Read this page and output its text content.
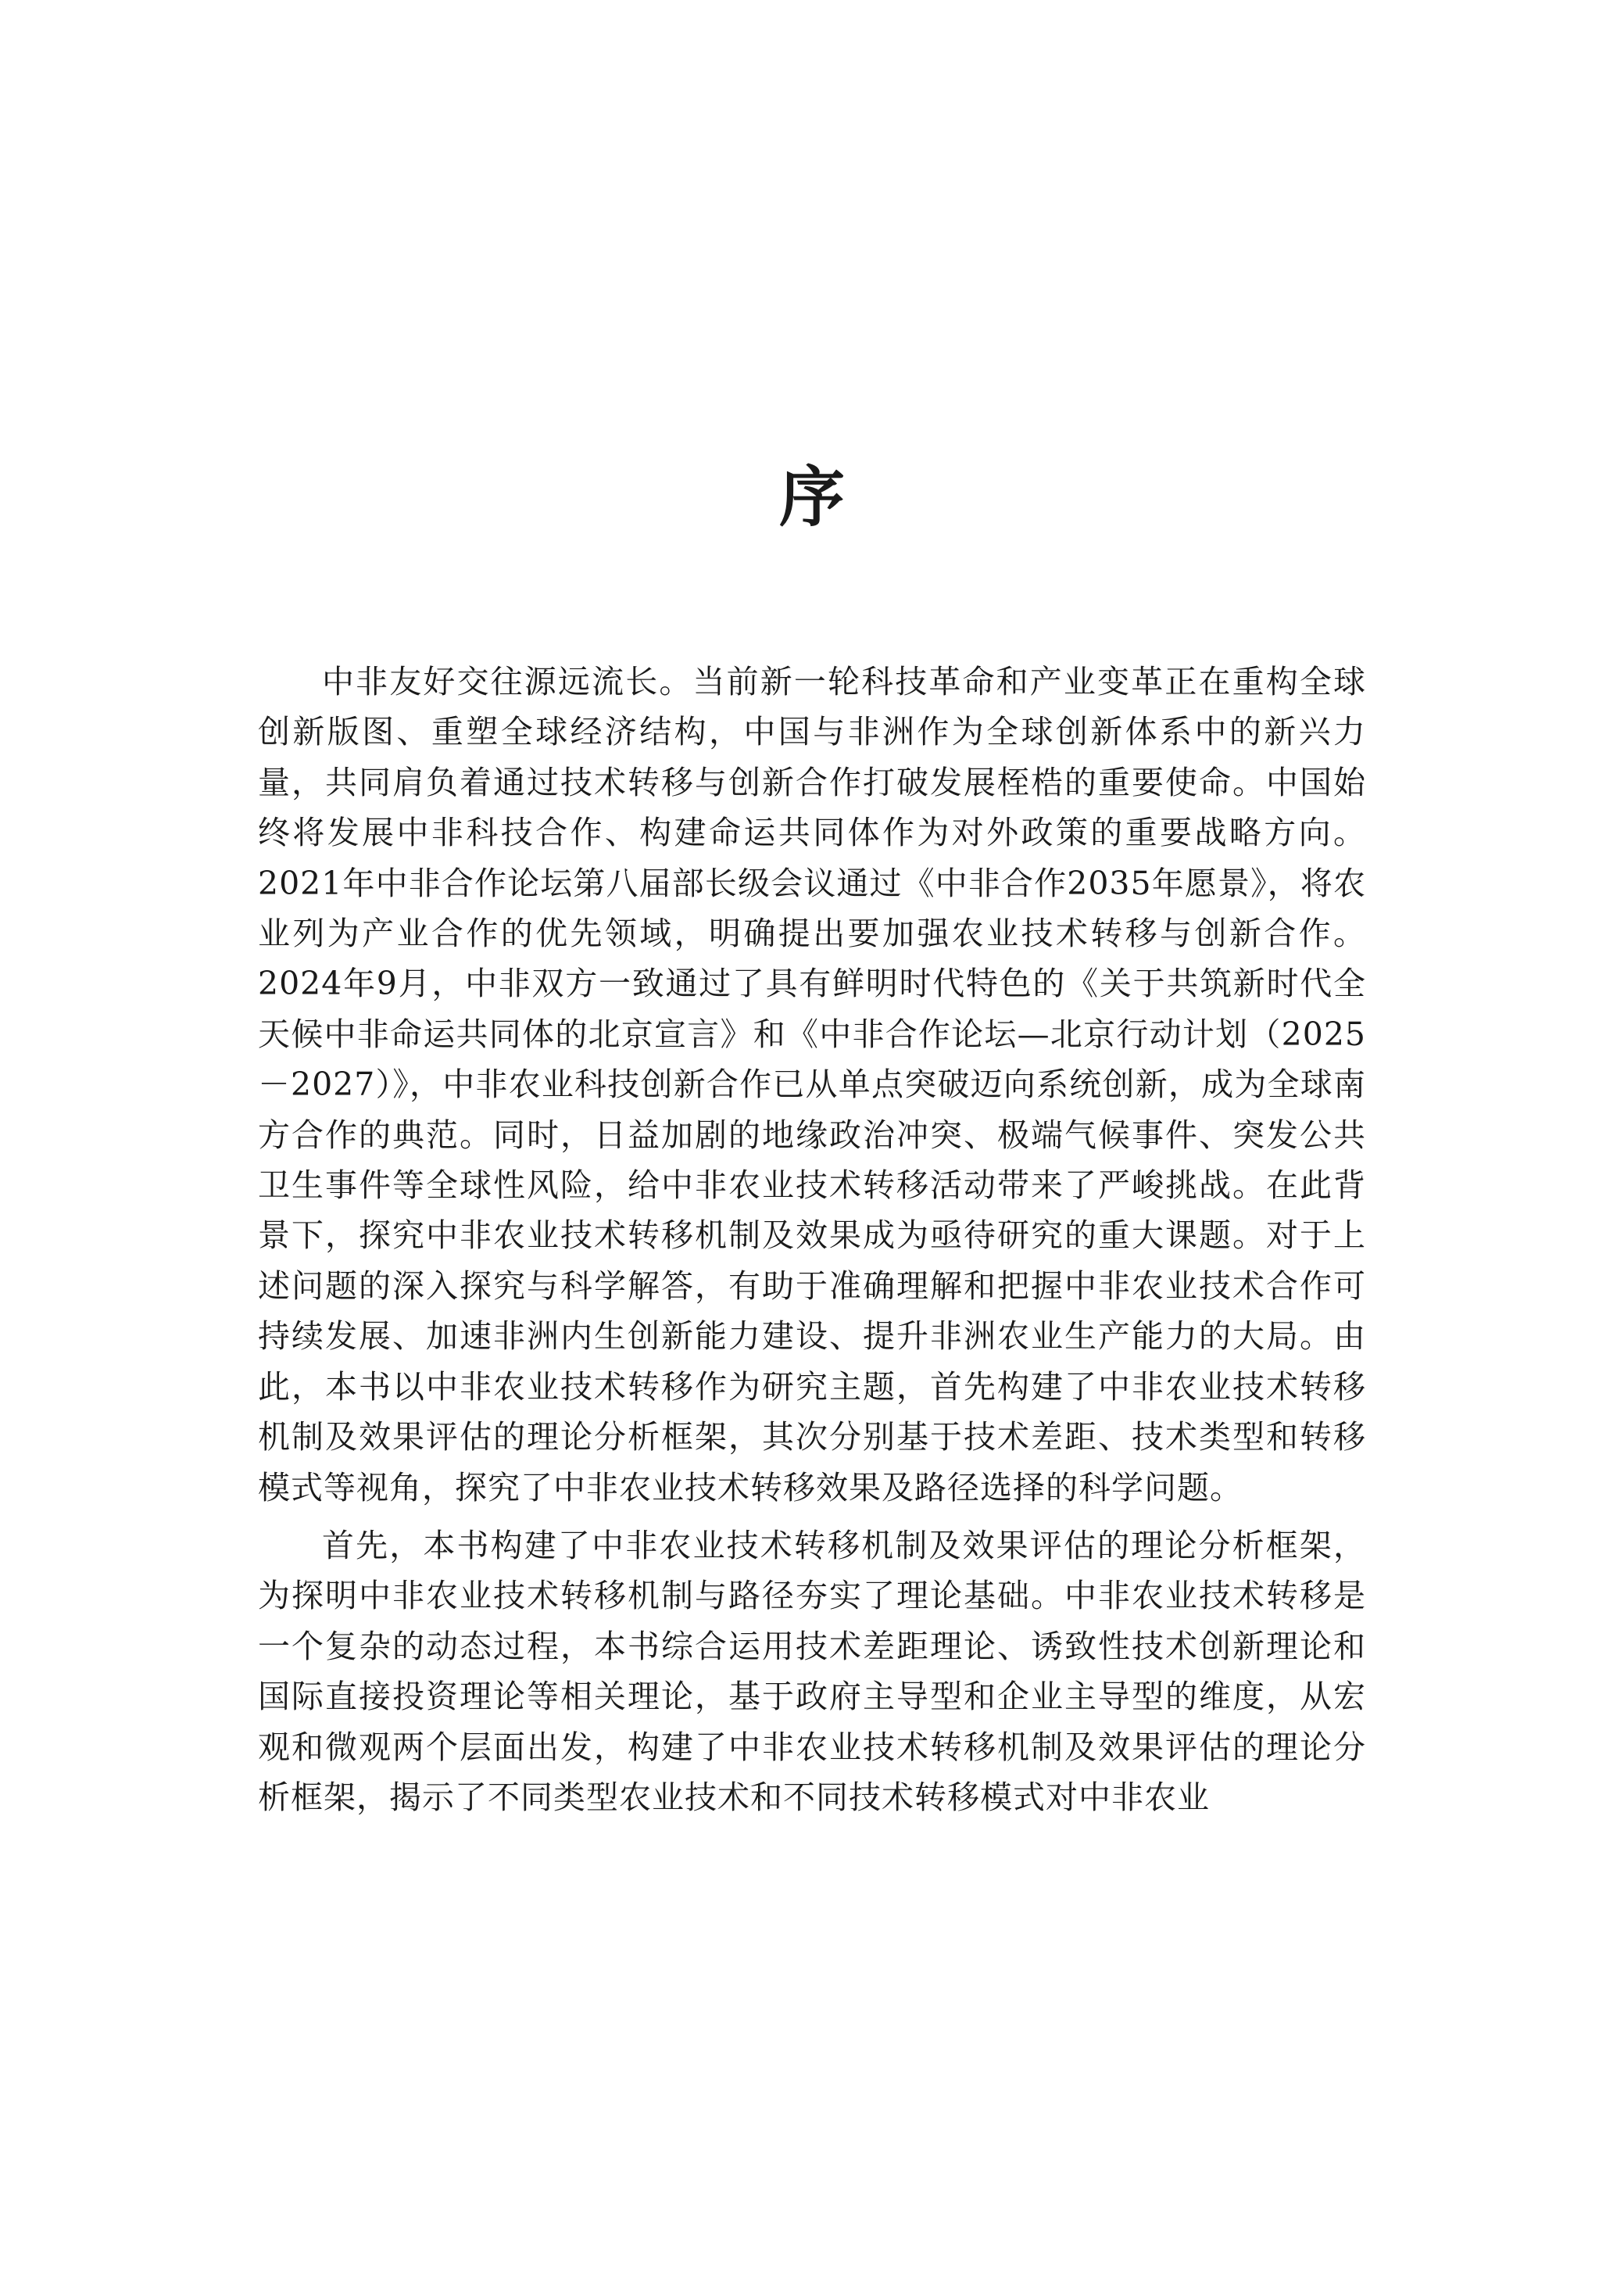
序

中非友好交往源远流长。当前新一轮科技革命和产业变革正在重构全球创新版图、重塑全球经济结构，中国与非洲作为全球创新体系中的新兴力量，共同肩负着通过技术转移与创新合作打破发展桎梏的重要使命。中国始终将发展中非科技合作、构建命运共同体作为对外政策的重要战略方向。2021年中非合作论坛第八届部长级会议通过《中非合作2035年愿景》，将农业列为产业合作的优先领域，明确提出要加强农业技术转移与创新合作。2024年9月，中非双方一致通过了具有鲜明时代特色的《关于共筑新时代全天候中非命运共同体的北京宣言》和《中非合作论坛—北京行动计划（2025－2027）》，中非农业科技创新合作已从单点突破迈向系统创新，成为全球南方合作的典范。同时，日益加剧的地缘政治冲突、极端气候事件、突发公共卫生事件等全球性风险，给中非农业技术转移活动带来了严峻挑战。在此背景下，探究中非农业技术转移机制及效果成为亟待研究的重大课题。对于上述问题的深入探究与科学解答，有助于准确理解和把握中非农业技术合作可持续发展、加速非洲内生创新能力建设、提升非洲农业生产能力的大局。由此，本书以中非农业技术转移作为研究主题，首先构建了中非农业技术转移机制及效果评估的理论分析框架，其次分别基于技术差距、技术类型和转移模式等视角，探究了中非农业技术转移效果及路径选择的科学问题。

首先，本书构建了中非农业技术转移机制及效果评估的理论分析框架，为探明中非农业技术转移机制与路径夯实了理论基础。中非农业技术转移是一个复杂的动态过程，本书综合运用技术差距理论、诱致性技术创新理论和国际直接投资理论等相关理论，基于政府主导型和企业主导型的维度，从宏观和微观两个层面出发，构建了中非农业技术转移机制及效果评估的理论分析框架，揭示了不同类型农业技术和不同技术转移模式对中非农业
